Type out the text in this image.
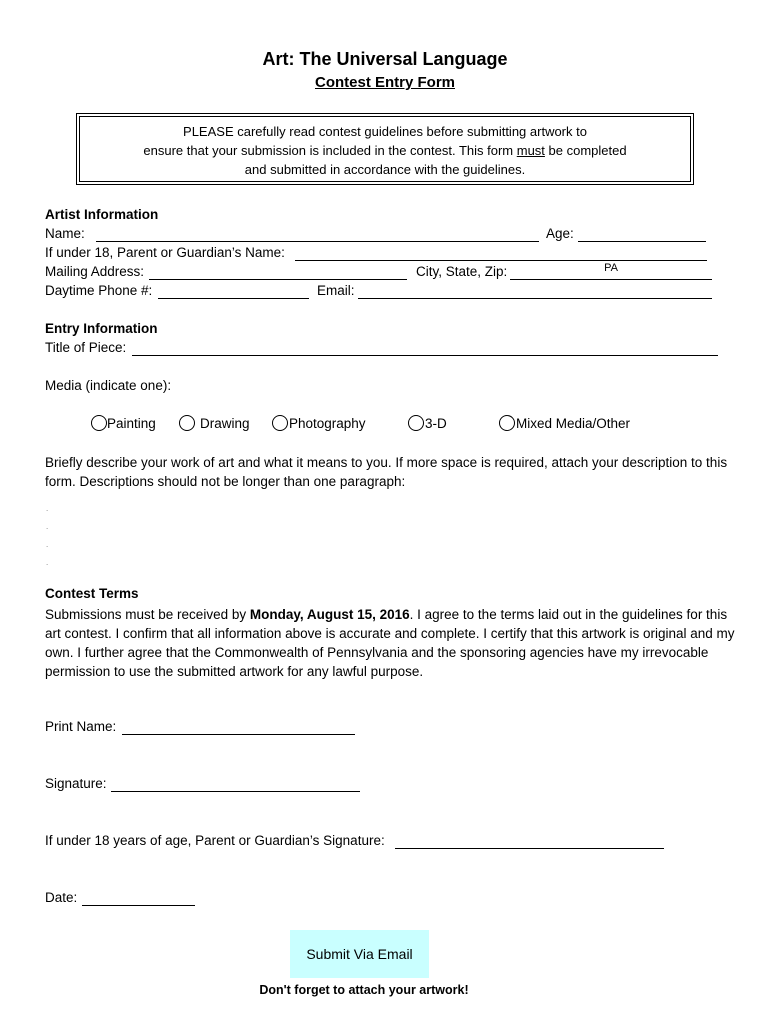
Art: The Universal Language
Contest Entry Form
PLEASE carefully read contest guidelines before submitting artwork to
ensure that your submission is included in the contest. This form must be completed
and submitted in accordance with the guidelines.
Artist Information
Name:	Age:
If under 18, Parent or Guardian’s Name:
Mailing Address:	City, State, Zip:	PA
Daytime Phone #:	Email:
Entry Information
Title of Piece:
Media (indicate one):
Painting	Drawing	Photography	3-D	Mixed Media/Other
Briefly describe your work of art and what it means to you. If more space is required, attach your description to this form. Descriptions should not be longer than one paragraph:
.
.
.
.
Contest Terms
Submissions must be received by Monday, August 15, 2016. I agree to the terms laid out in the guidelines for this art contest. I confirm that all information above is accurate and complete. I certify that this artwork is original and my own. I further agree that the Commonwealth of Pennsylvania and the sponsoring agencies have my irrevocable permission to use the submitted artwork for any lawful purpose.
Print Name:
Signature:
If under 18 years of age, Parent or Guardian’s Signature:
Date:
Submit Via Email
Don't forget to attach your artwork!
